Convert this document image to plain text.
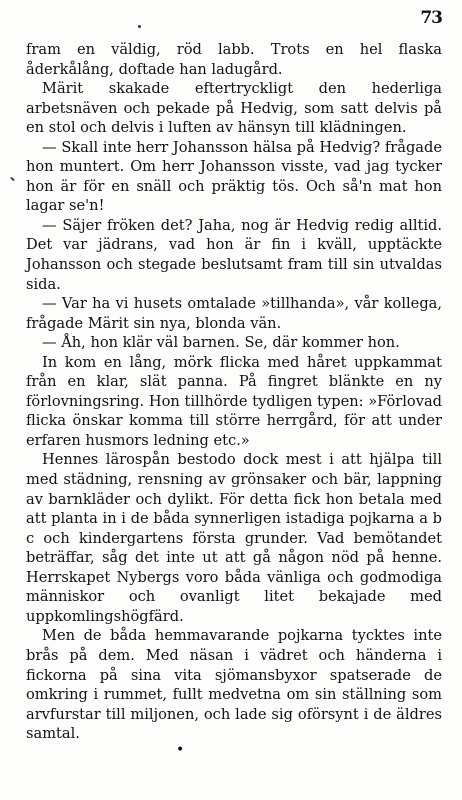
73

fram en väldig, röd labb. Trots en hel flaska åderkålång, doftade han ladugård.

Märit skakade eftertryckligt den hederliga arbetsnäven och pekade på Hedvig, som satt delvis på en stol och delvis i luften av hänsyn till klädningen.

— Skall inte herr Johansson hälsa på Hedvig? frågade hon muntert. Om herr Johansson visste, vad jag tycker hon är för en snäll och präktig tös. Och så'n mat hon lagar se'n!

— Säjer fröken det? Jaha, nog är Hedvig redig alltid. Det var jädrans, vad hon är fin i kväll, upptäckte Johansson och stegade beslutsamt fram till sin utvaldas sida.

— Var ha vi husets omtalade »tillhanda», vår kollega, frågade Märit sin nya, blonda vän.

— Åh, hon klär väl barnen. Se, där kommer hon.

In kom en lång, mörk flicka med håret uppkammat från en klar, slät panna. På fingret blänkte en ny förlovningsring. Hon tillhörde tydligen typen: »Förlovad flicka önskar komma till större herrgård, för att under erfaren husmors ledning etc.»

Hennes lärospån bestodo dock mest i att hjälpa till med städning, rensning av grönsaker och bär, lappning av barnkläder och dylikt. För detta fick hon betala med att planta in i de båda synnerligen istadiga pojkarna a b c och kindergartens första grunder. Vad bemötandet beträffar, såg det inte ut att gå någon nöd på henne. Herrskapet Nybergs voro båda vänliga och godmodiga människor och ovanligt litet bekajade med uppkomlingshögfärd.

Men de båda hemmavarande pojkarna tycktes inte brås på dem. Med näsan i vädret och händerna i fickorna på sina vita sjömansbyxor spatserade de omkring i rummet, fullt medvetna om sin ställning som arvfurstar till miljonen, och lade sig oförsynt i de äldres samtal.

•
